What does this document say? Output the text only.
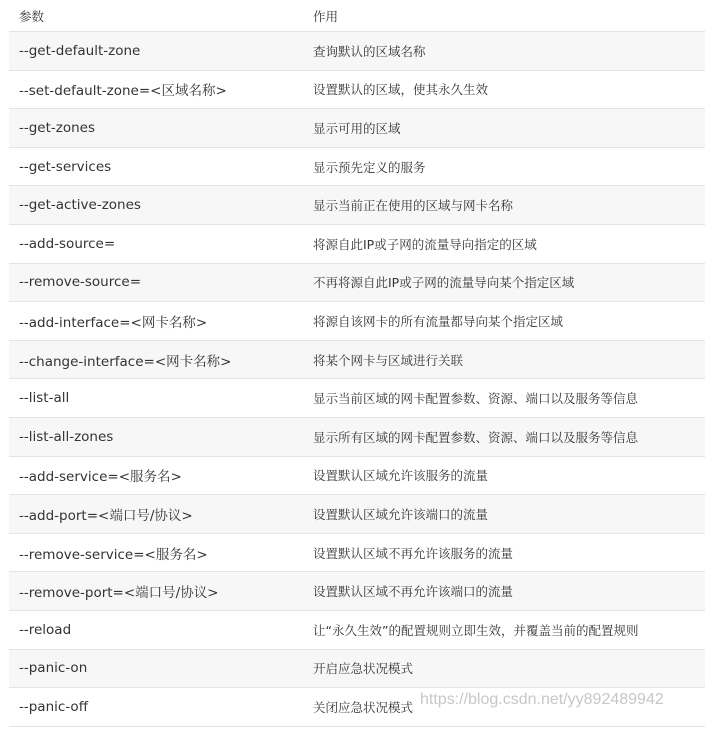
参数	作用
--get-default-zone	查询默认的区域名称
--set-default-zone=<区域名称>	设置默认的区域，使其永久生效
--get-zones	显示可用的区域
--get-services	显示预先定义的服务
--get-active-zones	显示当前正在使用的区域与网卡名称
--add-source=	将源自此IP或子网的流量导向指定的区域
--remove-source=	不再将源自此IP或子网的流量导向某个指定区域
--add-interface=<网卡名称>	将源自该网卡的所有流量都导向某个指定区域
--change-interface=<网卡名称>	将某个网卡与区域进行关联
--list-all	显示当前区域的网卡配置参数、资源、端口以及服务等信息
--list-all-zones	显示所有区域的网卡配置参数、资源、端口以及服务等信息
--add-service=<服务名>	设置默认区域允许该服务的流量
--add-port=<端口号/协议>	设置默认区域允许该端口的流量
--remove-service=<服务名>	设置默认区域不再允许该服务的流量
--remove-port=<端口号/协议>	设置默认区域不再允许该端口的流量
--reload	让“永久生效”的配置规则立即生效，并覆盖当前的配置规则
--panic-on	开启应急状况模式
--panic-off	关闭应急状况模式 https://blog.csdn.net/yy892489942
